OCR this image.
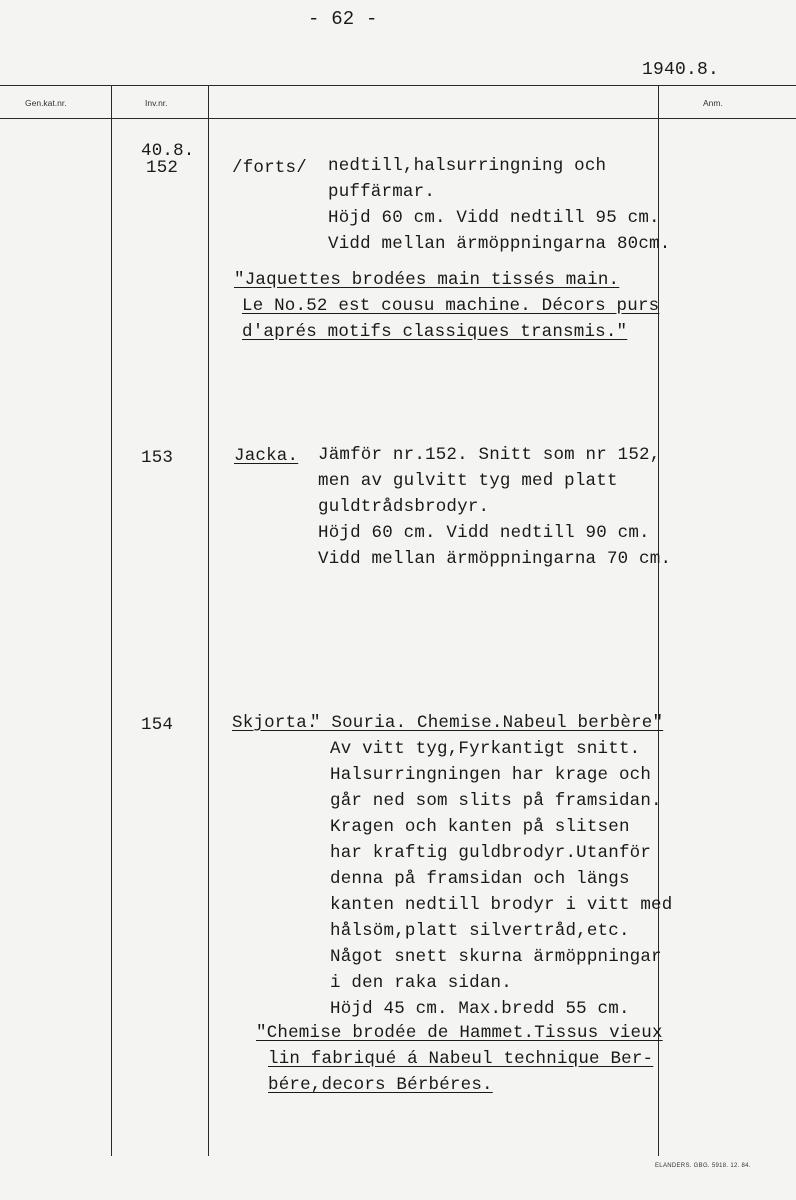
- 62 -
1940.8.
Gen.kat.nr.	Inv.nr.	Anm.
40.8.
152	/forts/ nedtill,halsurringning och
puffärmar.
Höjd 60 cm. Vidd nedtill 95 cm.
Vidd mellan ärmöppningarna 80cm.
"Jaquettes brodées main tissés main.
Le No.52 est cousu machine. Décors purs
d'aprés motifs classiques transmis."
153	Jacka. Jämför nr.152. Snitt som nr 152,
men av gulvitt tyg med platt
guldtrådsbrodyr.
Höjd 60 cm. Vidd nedtill 90 cm.
Vidd mellan ärmöppningarna 70 cm.
154	Skjorta.
" Souria. Chemise.Nabeul berbère"
Av vitt tyg,Fyrkantigt snitt.
Halsurringningen har krage och
går ned som slits på framsidan.
Kragen och kanten på slitsen
har kraftig guldbrodyr.Utanför
denna på framsidan och längs
kanten nedtill brodyr i vitt med
hålsöm,platt silvertråd,etc.
Något snett skurna ärmöppningar
i den raka sidan.
Höjd 45 cm. Max.bredd 55 cm.
"Chemise brodée de Hammet.Tissus vieux
lin fabriqué á Nabeul technique Ber-
bére,decors Bérbéres.
ELANDERS. GBG. 5918. 12. 84.
